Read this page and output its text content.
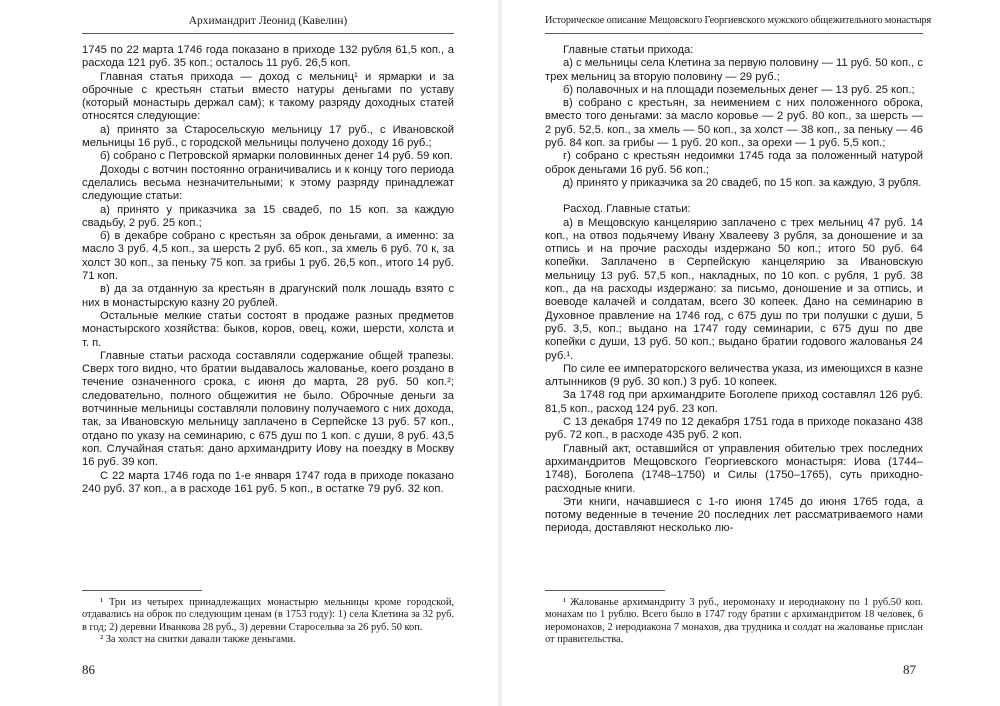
Архимандрит Леонид (Кавелин)

1745 по 22 марта 1746 года показано в приходе 132 рубля 61,5 коп., а расхода 121 руб. 35 коп.; осталось 11 руб. 26,5 коп.

Главная статья прихода — доход с мельниц¹ и ярмарки и за оброчные с крестьян статьи вместо натуры деньгами по уставу (который монастырь держал сам); к такому разряду доходных статей относятся следующие:

а) принято за Старосельскую мельницу 17 руб., с Ивановской мельницы 16 руб., с городской мельницы получено доходу 16 руб.;

б) собрано с Петровской ярмарки половинных денег 14 руб. 59 коп.

Доходы с вотчин постоянно ограничивались и к концу того периода сделались весьма незначительными; к этому разряду принадлежат следующие статьи:

а) принято у приказчика за 15 свадеб, по 15 коп. за каждую свадьбу, 2 руб. 25 коп.;

б) в декабре собрано с крестьян за оброк деньгами, а именно: за масло 3 руб. 4,5 коп., за шерсть 2 руб. 65 коп., за хмель 6 руб. 70 к, за холст 30 коп., за пеньку 75 коп. за грибы 1 руб. 26,5 коп., итого 14 руб. 71 коп.

в) да за отданную за крестьян в драгунский полк лошадь взято с них в монастырскую казну 20 рублей.

Остальные мелкие статьи состоят в продаже разных предметов монастырского хозяйства: быков, коров, овец, кожи, шерсти, холста и т. п.

Главные статьи расхода составляли содержание общей трапезы. Сверх того видно, что братии выдавалось жалованье, коего роздано в течение означенного срока, с июня до марта, 28 руб. 50 коп.²; следовательно, полного общежития не было. Оброчные деньги за вотчинные мельницы составляли половину получаемого с них дохода, так, за Ивановскую мельницу заплачено в Серпейске 13 руб. 57 коп., отдано по указу на семинарию, с 675 душ по 1 коп. с души, 8 руб. 43,5 коп. Случайная статья: дано архимандриту Иову на поездку в Москву 16 руб. 39 коп.

С 22 марта 1746 года по 1-е января 1747 года в приходе показано 240 руб. 37 коп., а в расходе 161 руб. 5 коп., в остатке 79 руб. 32 коп.

¹ Три из четырех принадлежащих монастырю мельницы кроме городской, отдавались на оброк по следующим ценам (в 1753 году): 1) села Клетина за 32 руб. в год; 2) деревни Иванкова 28 руб., 3) деревни Старосельва за 26 руб. 50 коп.

² За холст на свитки давали также деньгами.

86
Историческое описание Мещовского Георгиевского мужского общежительного монастыря

Главные статьи прихода:

а) с мельницы села Клетина за первую половину — 11 руб. 50 коп., с трех мельниц за вторую половину — 29 руб.;

б) полавочных и на площади поземельных денег — 13 руб. 25 коп.;

в) собрано с крестьян, за неимением с них положенного оброка, вместо того деньгами: за масло коровье — 2 руб. 80 коп., за шерсть — 2 руб. 52,5. коп., за хмель — 50 коп., за холст — 38 коп., за пеньку — 46 руб. 84 коп. за грибы — 1 руб. 20 коп., за орехи — 1 руб. 5,5 коп.;

г) собрано с крестьян недоимки 1745 года за положенный натурой оброк деньгами 16 руб. 56 коп.;

д) принято у приказчика за 20 свадеб, по 15 коп. за каждую, 3 рубля.

Расход. Главные статьи:

а) в Мещовскую канцелярию заплачено с трех мельниц 47 руб. 14 коп., на отвоз подьячему Ивану Хвалееву 3 рубля, за доношение и за отпись и на прочие расходы издержано 50 коп.; итого 50 руб. 64 копейки. Заплачено в Серпейскую канцелярию за Ивановскую мельницу 13 руб. 57,5 коп., накладных, по 10 коп. с рубля, 1 руб. 38 коп., да на расходы издержано: за письмо, доношение и за отпись, и воеводе калачей и солдатам, всего 30 копеек. Дано на семинарию в Духовное правление на 1746 год, с 675 душ по три полушки с души, 5 руб. 3,5, коп.; выдано на 1747 году семинарии, с 675 душ по две копейки с души, 13 руб. 50 коп.; выдано братии годового жалованья 24 руб.¹.

По силе ее императорского величества указа, из имеющихся в казне алтынников (9 руб. 30 коп.) 3 руб. 10 копеек.

За 1748 год при архимандрите Боголепе приход составлял 126 руб. 81,5 коп., расход 124 руб. 23 коп.

С 13 декабря 1749 по 12 декабря 1751 года в приходе показано 438 руб. 72 коп., в расходе 435 руб. 2 коп.

Главный акт, оставшийся от управления обителью трех последних архимандритов Мещовского Георгиевского монастыря: Иова (1744–1748), Боголепа (1748–1750) и Силы (1750–1765), суть приходно-расходные книги.

Эти книги, начавшиеся с 1-го июня 1745 до июня 1765 года, а потому веденные в течение 20 последних лет рассматриваемого нами периода, доставляют несколько лю-

¹ Жалованье архимандриту 3 руб., иеромонаху и иеродиакону по 1 руб.50 коп. монахам по 1 рублю. Всего было в 1747 году братии с архимандритом 18 человек, 6 иеромонахов, 2 иеродиакона 7 монахов, два трудника и солдат на жалованье прислан от правительства.

87
